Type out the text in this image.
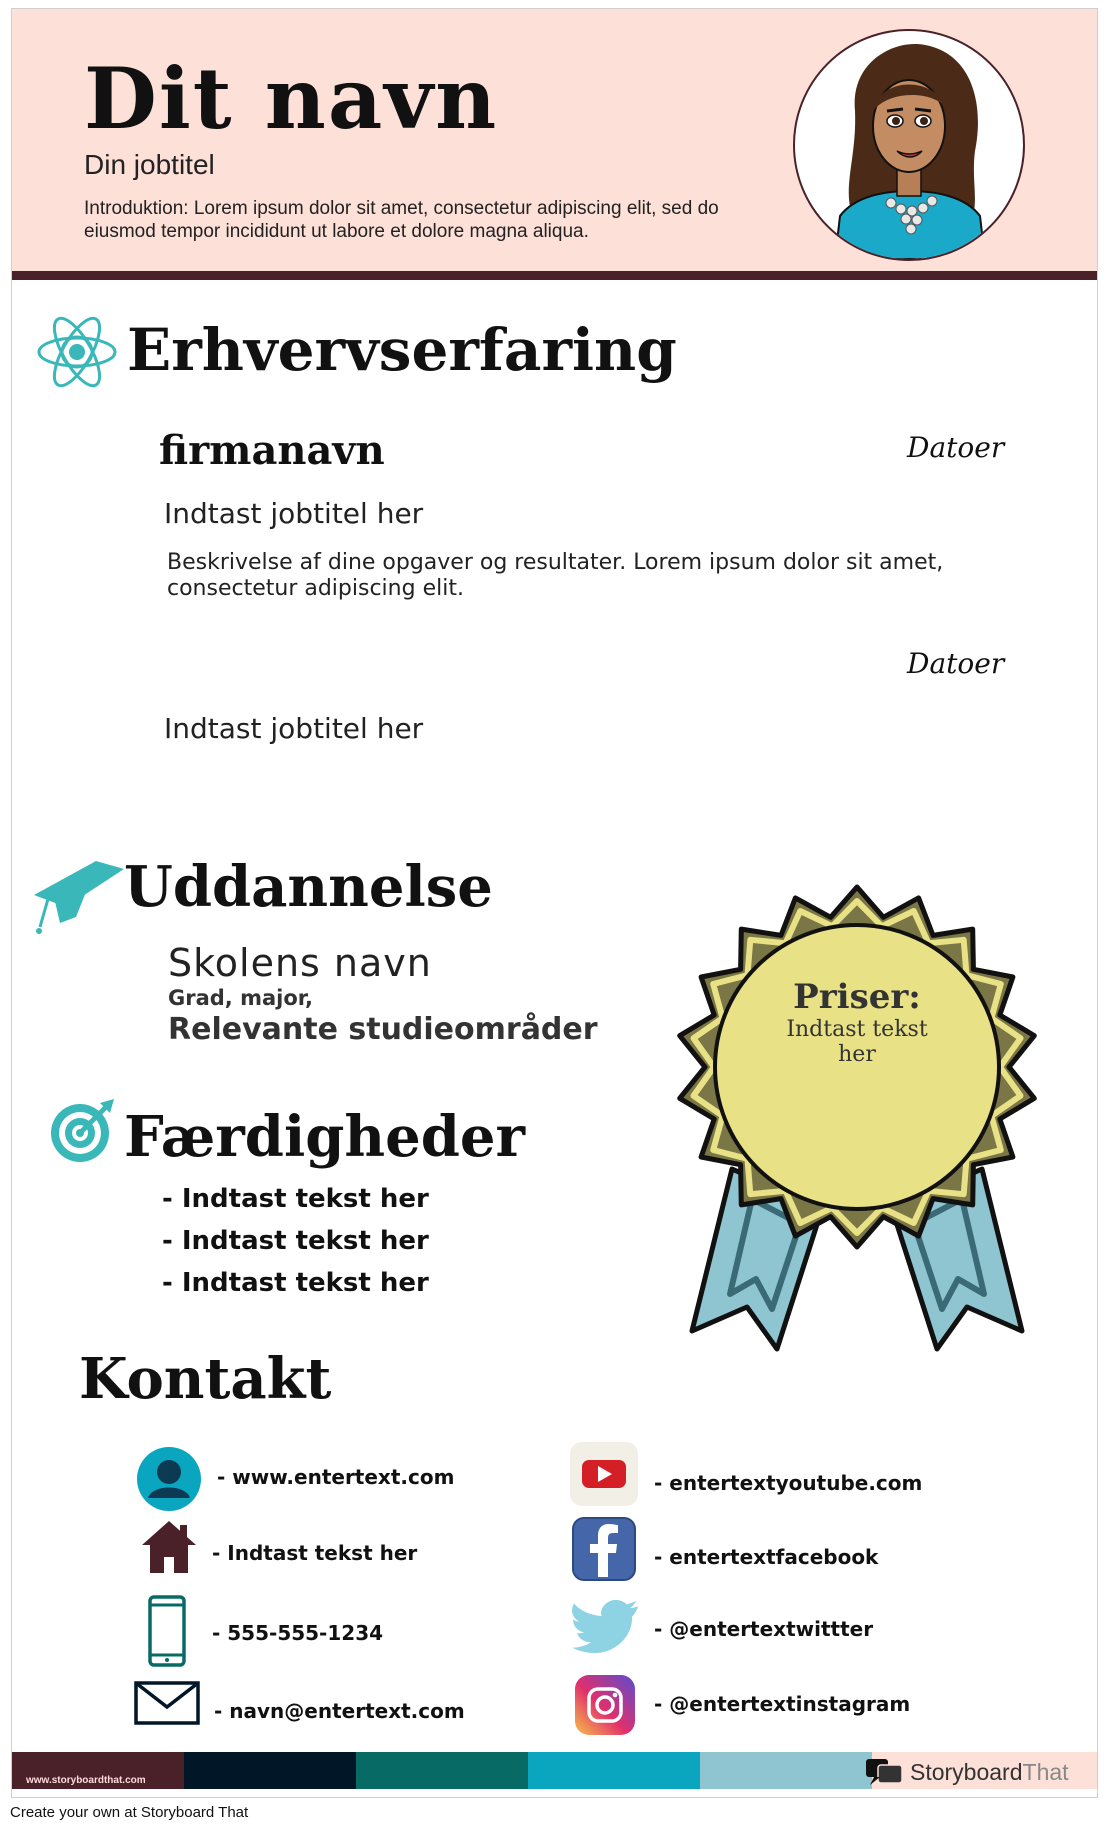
Dit navn
Din jobtitel
Introduktion: Lorem ipsum dolor sit amet, consectetur adipiscing elit, sed do eiusmod tempor incididunt ut labore et dolore magna aliqua.
Erhvervserfaring
firmanavn	Datoer
Indtast jobtitel her
Beskrivelse af dine opgaver og resultater. Lorem ipsum dolor sit amet, consectetur adipiscing elit.
Datoer
Indtast jobtitel her
Uddannelse
Skolens navn
Grad, major,
Relevante studieområder
Priser:
Indtast tekst
her
Færdigheder
- Indtast tekst her
- Indtast tekst her
- Indtast tekst her
Kontakt
- www.entertext.com
- Indtast tekst her
- 555-555-1234
- navn@entertext.com
- entertextyoutube.com
- entertextfacebook
- @entertextwittter
- @entertextinstagram
www.storyboardthat.com	StoryboardThat
Create your own at Storyboard That
